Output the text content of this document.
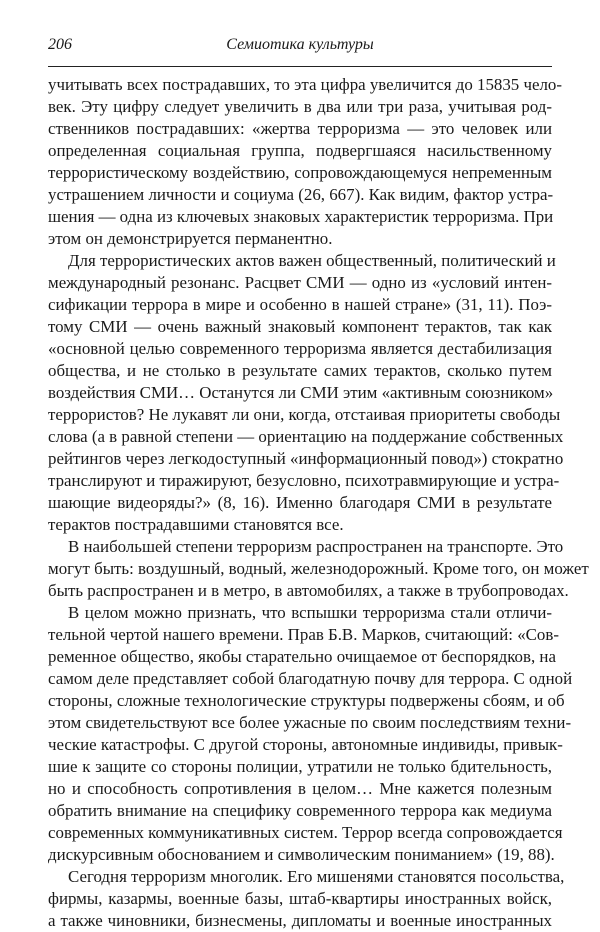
206	Семиотика культуры
учитывать всех пострадавших, то эта цифра увеличится до 15835 чело-
век. Эту цифру следует увеличить в два или три раза, учитывая род-
ственников пострадавших: «жертва терроризма — это человек или
определенная социальная группа, подвергшаяся насильственному
террористическому воздействию, сопровождающемуся непременным
устрашением личности и социума (26, 667). Как видим, фактор устра-
шения — одна из ключевых знаковых характеристик терроризма. При
этом он демонстрируется перманентно.
Для террористических актов важен общественный, политический и
международный резонанс. Расцвет СМИ — одно из «условий интен-
сификации террора в мире и особенно в нашей стране» (31, 11). Поэ-
тому СМИ — очень важный знаковый компонент терактов, так как
«основной целью современного терроризма является дестабилизация
общества, и не столько в результате самих терактов, сколько путем
воздействия СМИ… Останутся ли СМИ этим «активным союзником»
террористов? Не лукавят ли они, когда, отстаивая приоритеты свободы
слова (а в равной степени — ориентацию на поддержание собственных
рейтингов через легкодоступный «информационный повод») стократно
транслируют и тиражируют, безусловно, психотравмирующие и устра-
шающие видеоряды?» (8, 16). Именно благодаря СМИ в результате
терактов пострадавшими становятся все.
В наибольшей степени терроризм распространен на транспорте. Это
могут быть: воздушный, водный, железнодорожный. Кроме того, он может
быть распространен и в метро, в автомобилях, а также в трубопроводах.
В целом можно признать, что вспышки терроризма стали отличи-
тельной чертой нашего времени. Прав Б.В. Марков, считающий: «Сов-
ременное общество, якобы старательно очищаемое от беспорядков, на
самом деле представляет собой благодатную почву для террора. С одной
стороны, сложные технологические структуры подвержены сбоям, и об
этом свидетельствуют все более ужасные по своим последствиям техни-
ческие катастрофы. С другой стороны, автономные индивиды, привык-
шие к защите со стороны полиции, утратили не только бдительность,
но и способность сопротивления в целом… Мне кажется полезным
обратить внимание на специфику современного террора как медиума
современных коммуникативных систем. Террор всегда сопровождается
дискурсивным обоснованием и символическим пониманием» (19, 88).
Сегодня терроризм многолик. Его мишенями становятся посольства,
фирмы, казармы, военные базы, штаб-квартиры иностранных войск,
а также чиновники, бизнесмены, дипломаты и военные иностранных
